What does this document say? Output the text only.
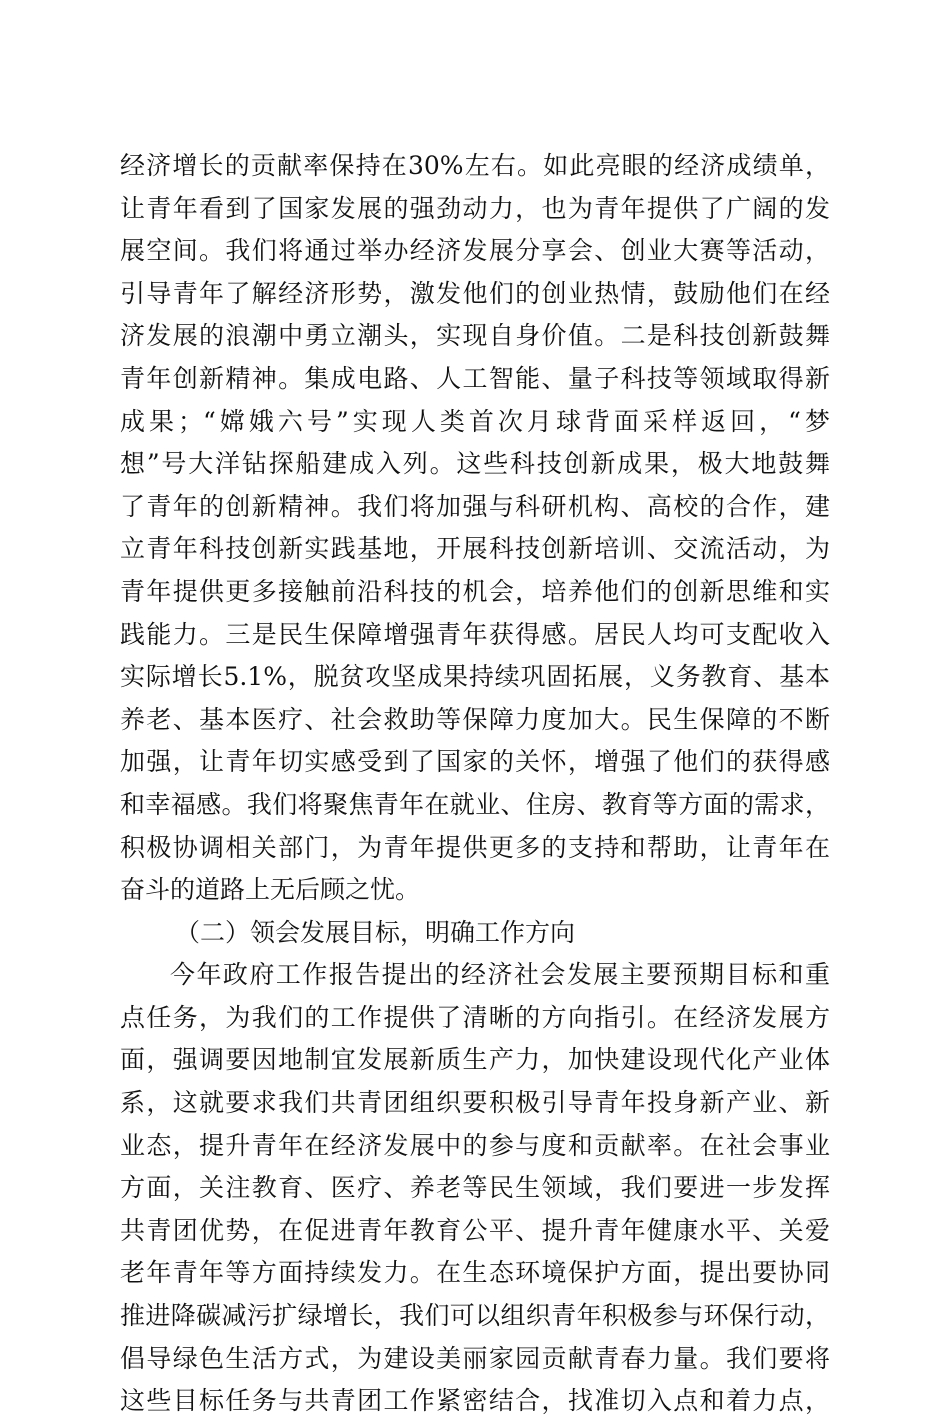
经济增长的贡献率保持在30%左右。如此亮眼的经济成绩单，
让青年看到了国家发展的强劲动力，也为青年提供了广阔的发
展空间。我们将通过举办经济发展分享会、创业大赛等活动，
引导青年了解经济形势，激发他们的创业热情，鼓励他们在经
济发展的浪潮中勇立潮头，实现自身价值。二是科技创新鼓舞
青年创新精神。集成电路、人工智能、量子科技等领域取得新
成果；“嫦娥六号”实现人类首次月球背面采样返回，“梦
想”号大洋钻探船建成入列。这些科技创新成果，极大地鼓舞
了青年的创新精神。我们将加强与科研机构、高校的合作，建
立青年科技创新实践基地，开展科技创新培训、交流活动，为
青年提供更多接触前沿科技的机会，培养他们的创新思维和实
践能力。三是民生保障增强青年获得感。居民人均可支配收入
实际增长5.1%，脱贫攻坚成果持续巩固拓展，义务教育、基本
养老、基本医疗、社会救助等保障力度加大。民生保障的不断
加强，让青年切实感受到了国家的关怀，增强了他们的获得感
和幸福感。我们将聚焦青年在就业、住房、教育等方面的需求，
积极协调相关部门，为青年提供更多的支持和帮助，让青年在
奋斗的道路上无后顾之忧。
（二）领会发展目标，明确工作方向
今年政府工作报告提出的经济社会发展主要预期目标和重
点任务，为我们的工作提供了清晰的方向指引。在经济发展方
面，强调要因地制宜发展新质生产力，加快建设现代化产业体
系，这就要求我们共青团组织要积极引导青年投身新产业、新
业态，提升青年在经济发展中的参与度和贡献率。在社会事业
方面，关注教育、医疗、养老等民生领域，我们要进一步发挥
共青团优势，在促进青年教育公平、提升青年健康水平、关爱
老年青年等方面持续发力。在生态环境保护方面，提出要协同
推进降碳减污扩绿增长，我们可以组织青年积极参与环保行动，
倡导绿色生活方式，为建设美丽家园贡献青春力量。我们要将
这些目标任务与共青团工作紧密结合，找准切入点和着力点，
